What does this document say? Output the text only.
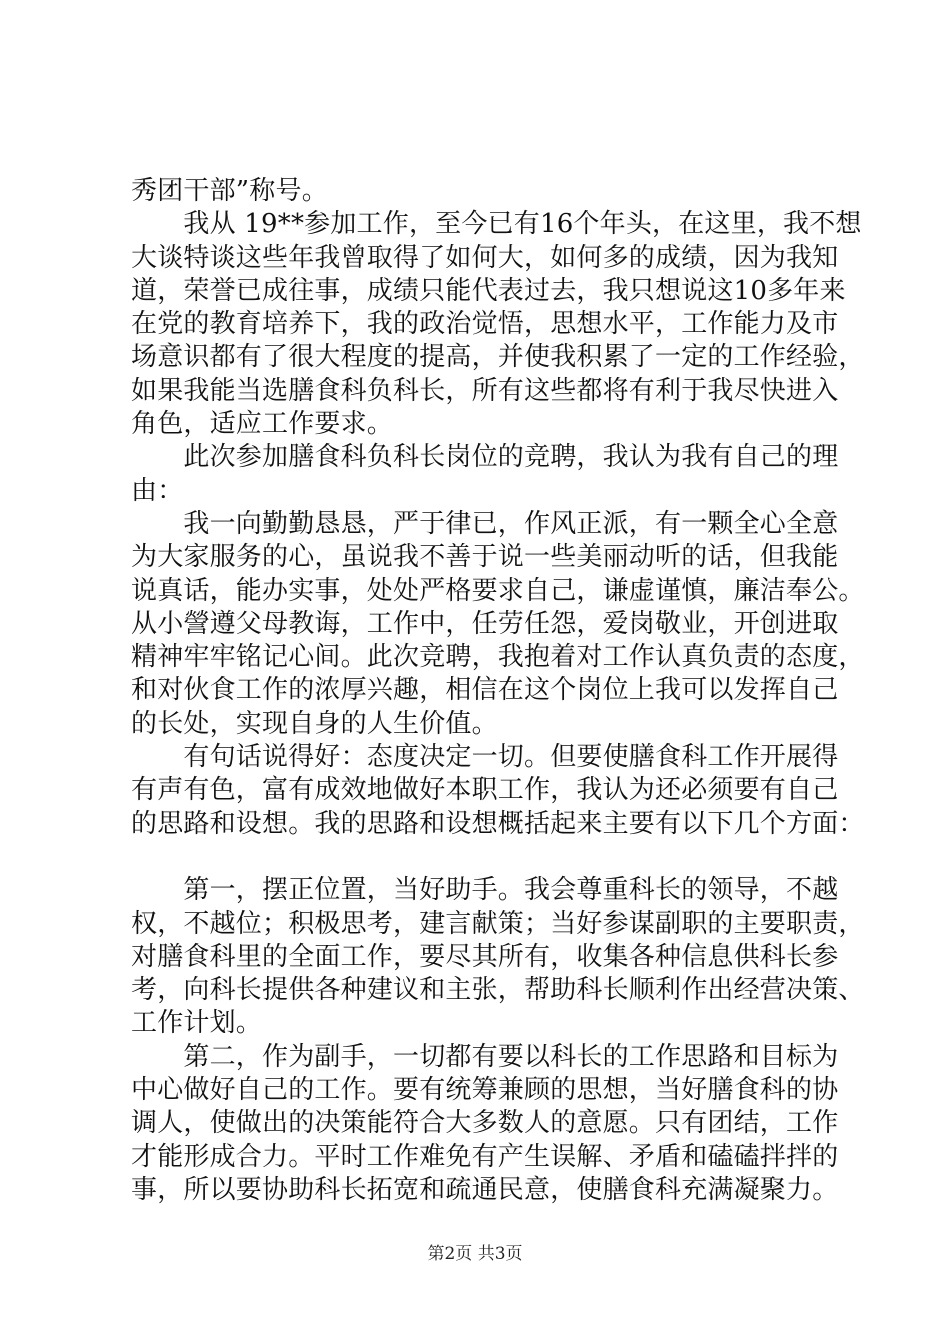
秀团干部”称号。
　　我从 19**参加工作，至今已有16个年头，在这里，我不想
大谈特谈这些年我曾取得了如何大，如何多的成绩，因为我知
道，荣誉已成往事，成绩只能代表过去，我只想说这10多年来
在党的教育培养下，我的政治觉悟，思想水平，工作能力及市
场意识都有了很大程度的提高，并使我积累了一定的工作经验，
如果我能当选膳食科负科长，所有这些都将有利于我尽快进入
角色，适应工作要求。
　　此次参加膳食科负科长岗位的竞聘，我认为我有自己的理
由：
　　我一向勤勤恳恳，严于律已，作风正派，有一颗全心全意
为大家服务的心，虽说我不善于说一些美丽动听的话，但我能
说真话，能办实事，处处严格要求自己，谦虚谨慎，廉洁奉公。
从小謍遵父母教诲，工作中，任劳任怨，爱岗敬业，开创进取
精神牢牢铭记心间。此次竞聘，我抱着对工作认真负责的态度，
和对伙食工作的浓厚兴趣，相信在这个岗位上我可以发挥自己
的长处，实现自身的人生价值。
　　有句话说得好：态度决定一切。但要使膳食科工作开展得
有声有色，富有成效地做好本职工作，我认为还必须要有自己
的思路和设想。我的思路和设想概括起来主要有以下几个方面：
　　第一，摆正位置，当好助手。我会尊重科长的领导，不越
权，不越位；积极思考，建言献策；当好参谋副职的主要职责，
对膳食科里的全面工作，要尽其所有，收集各种信息供科长参
考，向科长提供各种建议和主张，帮助科长顺利作出经营决策、
工作计划。
　　第二，作为副手，一切都有要以科长的工作思路和目标为
中心做好自己的工作。要有统筹兼顾的思想，当好膳食科的协
调人，使做出的决策能符合大多数人的意愿。只有团结，工作
才能形成合力。平时工作难免有产生误解、矛盾和磕磕拌拌的
事，所以要协助科长拓宽和疏通民意，使膳食科充满凝聚力。
第2页 共3页
